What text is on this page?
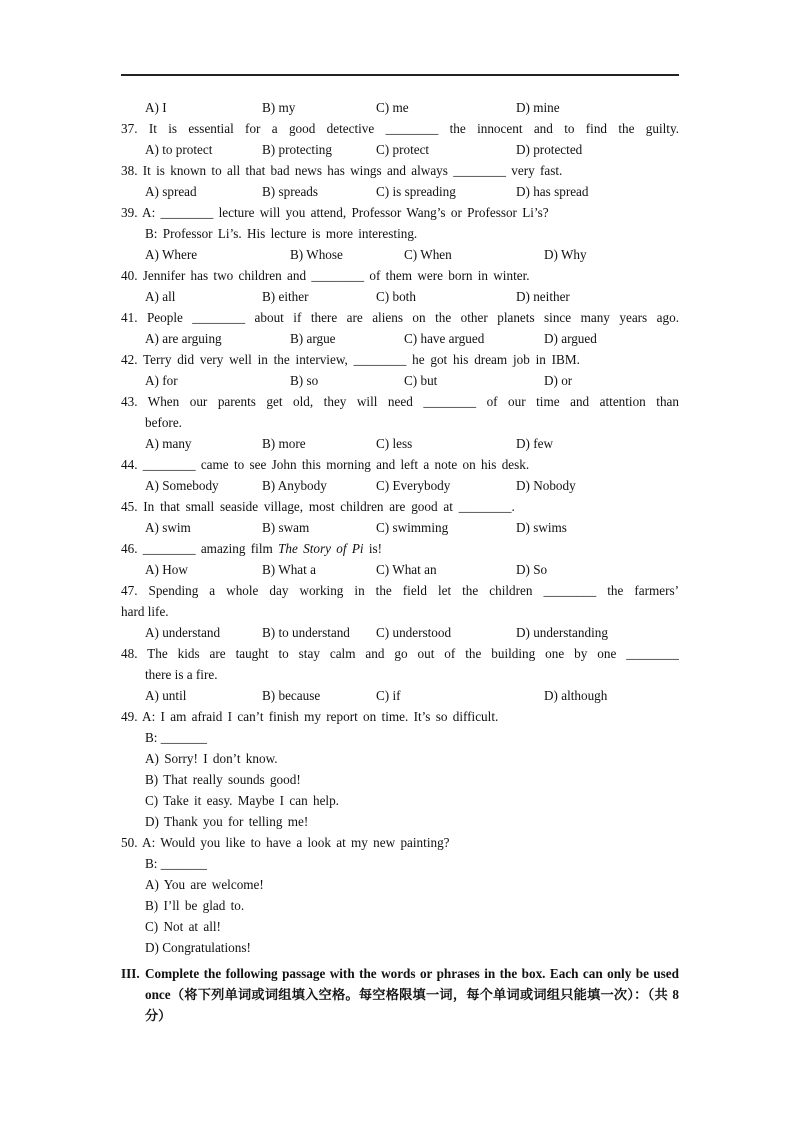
A) I	B) my	C) me	D) mine
37. It is essential for a good detective ________ the innocent and to find the guilty.
A) to protect	B) protecting	C) protect	D) protected
38. It is known to all that bad news has wings and always ________ very fast.
A) spread	B) spreads	C) is spreading	D) has spread
39. A: ________ lecture will you attend, Professor Wang’s or Professor Li’s?
B: Professor Li’s. His lecture is more interesting.
A) Where	B) Whose	C) When	D) Why
40. Jennifer has two children and ________ of them were born in winter.
A) all	B) either	C) both	D) neither
41. People ________ about if there are aliens on the other planets since many years ago.
A) are arguing	B) argue	C) have argued	D) argued
42. Terry did very well in the interview, ________ he got his dream job in IBM.
A) for	B) so	C) but	D) or
43. When our parents get old, they will need ________ of our time and attention than
before.
A) many	B) more	C) less	D) few
44. ________ came to see John this morning and left a note on his desk.
A) Somebody	B) Anybody	C) Everybody	D) Nobody
45. In that small seaside village, most children are good at ________.
A) swim	B) swam	C) swimming	D) swims
46. ________ amazing film The Story of Pi is!
A) How	B) What a	C) What an	D) So
47. Spending a whole day working in the field let the children ________ the farmers’
hard life.
A) understand	B) to understand C) understood	D) understanding
48. The kids are taught to stay calm and go out of the building one by one ________
there is a fire.
A) until	B) because	C) if	D) although
49. A: I am afraid I can’t finish my report on time. It’s so difficult.
B: _______
A) Sorry! I don’t know.
B) That really sounds good!
C) Take it easy. Maybe I can help.
D) Thank you for telling me!
50. A: Would you like to have a look at my new painting?
B: _______
A) You are welcome!
B) I’ll be glad to.
C) Not at all!
D) Congratulations!
III. Complete the following passage with the words or phrases in the box. Each can only be used once（将下列单词或词组填入空格。每空格限填一词，每个单词或词组只能填一次）：（共 8 分）
